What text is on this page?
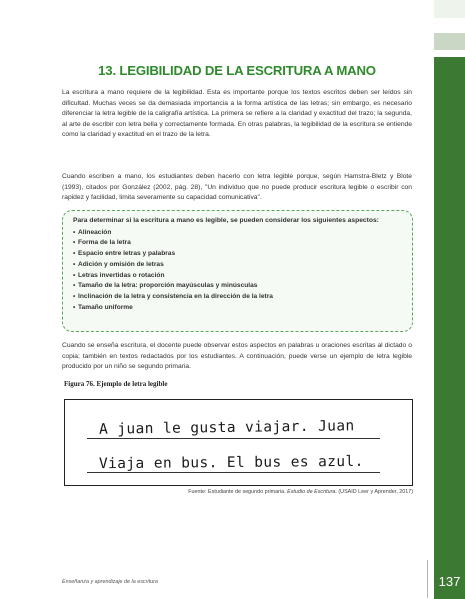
137
13. LEGIBILIDAD DE LA ESCRITURA A MANO

La escritura a mano requiere de la legibilidad. Esta es importante porque los textos escritos deben ser leídos sin dificultad. Muchas veces se da demasiada importancia a la forma artística de las letras; sin embargo, es necesario diferenciar la letra legible de la caligrafía artística. La primera se refiere a la claridad y exactitud del trazo; la segunda, al arte de escribir con letra bella y correctamente formada. En otras palabras, la legibilidad de la escritura se entiende como la claridad y exactitud en el trazo de la letra.

Cuando escriben a mano, los estudiantes deben hacerlo con letra legible porque, según Hamstra-Bletz y Blote (1993), citados por González (2002, pág. 28), "Un individuo que no puede producir escritura legible o escribir con rapidez y facilidad, limita severamente su capacidad comunicativa".

Para determinar si la escritura a mano es legible, se pueden considerar los siguientes aspectos:
• Alineación
• Forma de la letra
• Espacio entre letras y palabras
• Adición y omisión de letras
• Letras invertidas o rotación
• Tamaño de la letra: proporción mayúsculas y minúsculas
• Inclinación de la letra y consistencia en la dirección de la letra
• Tamaño uniforme

Cuando se enseña escritura, el docente puede observar estos aspectos en palabras u oraciones escritas al dictado o copia; también en textos redactados por los estudiantes. A continuación, puede verse un ejemplo de letra legible producido por un niño se segundo primaria.

Figura 76. Ejemplo de letra legible
A juan le gusta viajar. Juan
Viaja en bus. El bus es azul.
Fuente: Estudiante de segundo primaria. Estudio de Escritura. (USAID Leer y Aprender, 2017)
Enseñanza y aprendizaje de la escritura
